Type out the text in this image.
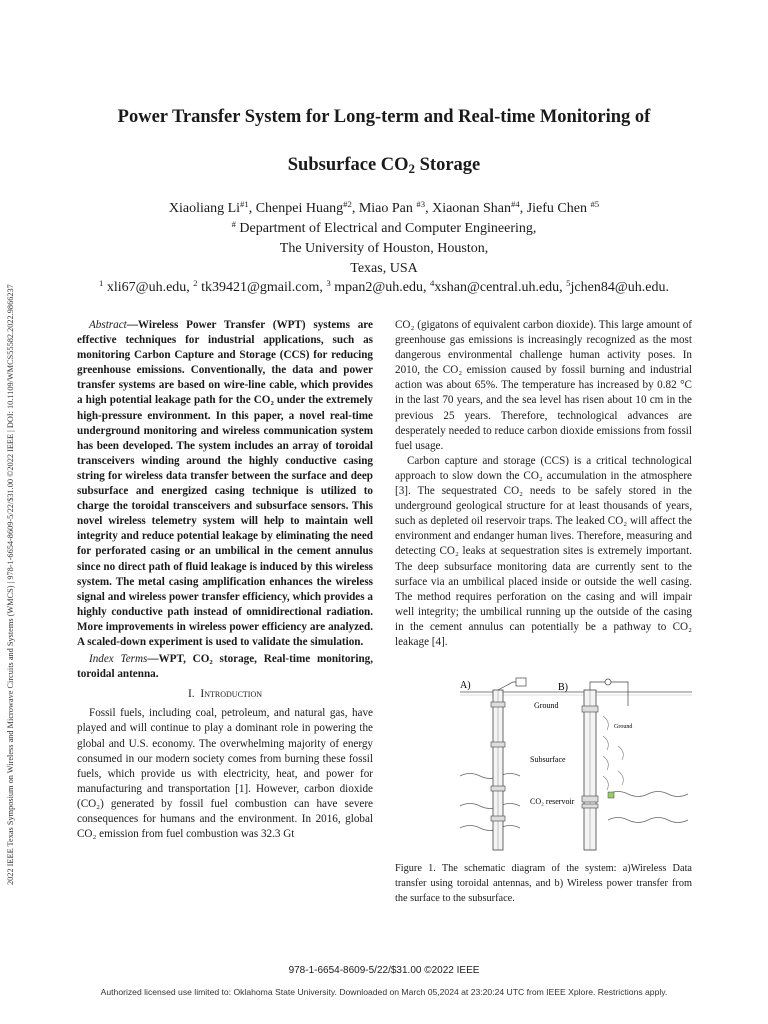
2022 IEEE Texas Symposium on Wireless and Microwave Circuits and Systems (WMCS) | 978-1-6654-8609-5/22/$31.00 ©2022 IEEE | DOI: 10.1109/WMCS55582.2022.9866237
Power Transfer System for Long-term and Real-time Monitoring of
Subsurface $CO_2$ Storage
Xiaoliang Li$^{\#1}$, Chenpei Huang$^{\#2}$, Miao Pan $^{\#3}$, Xiaonan Shan$^{\#4}$, Jiefu Chen $^{\#5}$
# Department of Electrical and Computer Engineering,
The University of Houston, Houston,
Texas, USA
$^1$ xli67@uh.edu, $^2$ tk39421@gmail.com, $^3$ mpan2@uh.edu, $^4$xshan@central.uh.edu, $^5$jchen84@uh.edu.

Abstract—Wireless Power Transfer (WPT) systems are effective techniques for industrial applications, such as monitoring Carbon Capture and Storage (CCS) for reducing greenhouse emissions. Conventionally, the data and power transfer systems are based on wire-line cable, which provides a high potential leakage path for the CO₂ under the extremely high-pressure environment. In this paper, a novel real-time underground monitoring and wireless communication system has been developed. The system includes an array of toroidal transceivers winding around the highly conductive casing string for wireless data transfer between the surface and deep subsurface and energized casing technique is utilized to charge the toroidal transceivers and subsurface sensors. This novel wireless telemetry system will help to maintain well integrity and reduce potential leakage by eliminating the need for perforated casing or an umbilical in the cement annulus since no direct path of fluid leakage is induced by this wireless system. The metal casing amplification enhances the wireless signal and wireless power transfer efficiency, which provides a highly conductive path instead of omnidirectional radiation. More improvements in wireless power efficiency are analyzed. A scaled-down experiment is used to validate the simulation.

Index Terms—WPT, CO₂ storage, Real-time monitoring, toroidal antenna.

I. Introduction

Fossil fuels, including coal, petroleum, and natural gas, have played and will continue to play a dominant role in powering the global and U.S. economy. The overwhelming majority of energy consumed in our modern society comes from burning these fossil fuels, which provide us with electricity, heat, and power for manufacturing and transportation [1]. However, carbon dioxide (CO₂) generated by fossil fuel combustion can have severe consequences for humans and the environment. In 2016, global CO₂ emission from fuel combustion was 32.3 Gt

CO₂ (gigatons of equivalent carbon dioxide). This large amount of greenhouse gas emissions is increasingly recognized as the most dangerous environmental challenge human activity poses. In 2010, the CO₂ emission caused by fossil burning and industrial action was about 65%. The temperature has increased by 0.82 °C in the last 70 years, and the sea level has risen about 10 cm in the previous 25 years. Therefore, technological advances are desperately needed to reduce carbon dioxide emissions from fossil fuel usage.

Carbon capture and storage (CCS) is a critical technological approach to slow down the CO₂ accumulation in the atmosphere [3]. The sequestrated CO₂ needs to be safely stored in the underground geological structure for at least thousands of years, such as depleted oil reservoir traps. The leaked CO₂ will affect the environment and endanger human lives. Therefore, measuring and detecting CO₂ leaks at sequestration sites is extremely important. The deep subsurface monitoring data are currently sent to the surface via an umbilical placed inside or outside the well casing. The method requires perforation on the casing and will impair well integrity; the umbilical running up the outside of the casing in the cement annulus can potentially be a pathway to CO₂ leakage [4].

A)	B)
Ground
Ground
Subsurface
CO₂ reservoir
Figure 1. The schematic diagram of the system: a)Wireless Data transfer using toroidal antennas, and b) Wireless power transfer from the surface to the subsurface.
978-1-6654-8609-5/22/$31.00 ©2022 IEEE
Authorized licensed use limited to: Oklahoma State University. Downloaded on March 05,2024 at 23:20:24 UTC from IEEE Xplore. Restrictions apply.
